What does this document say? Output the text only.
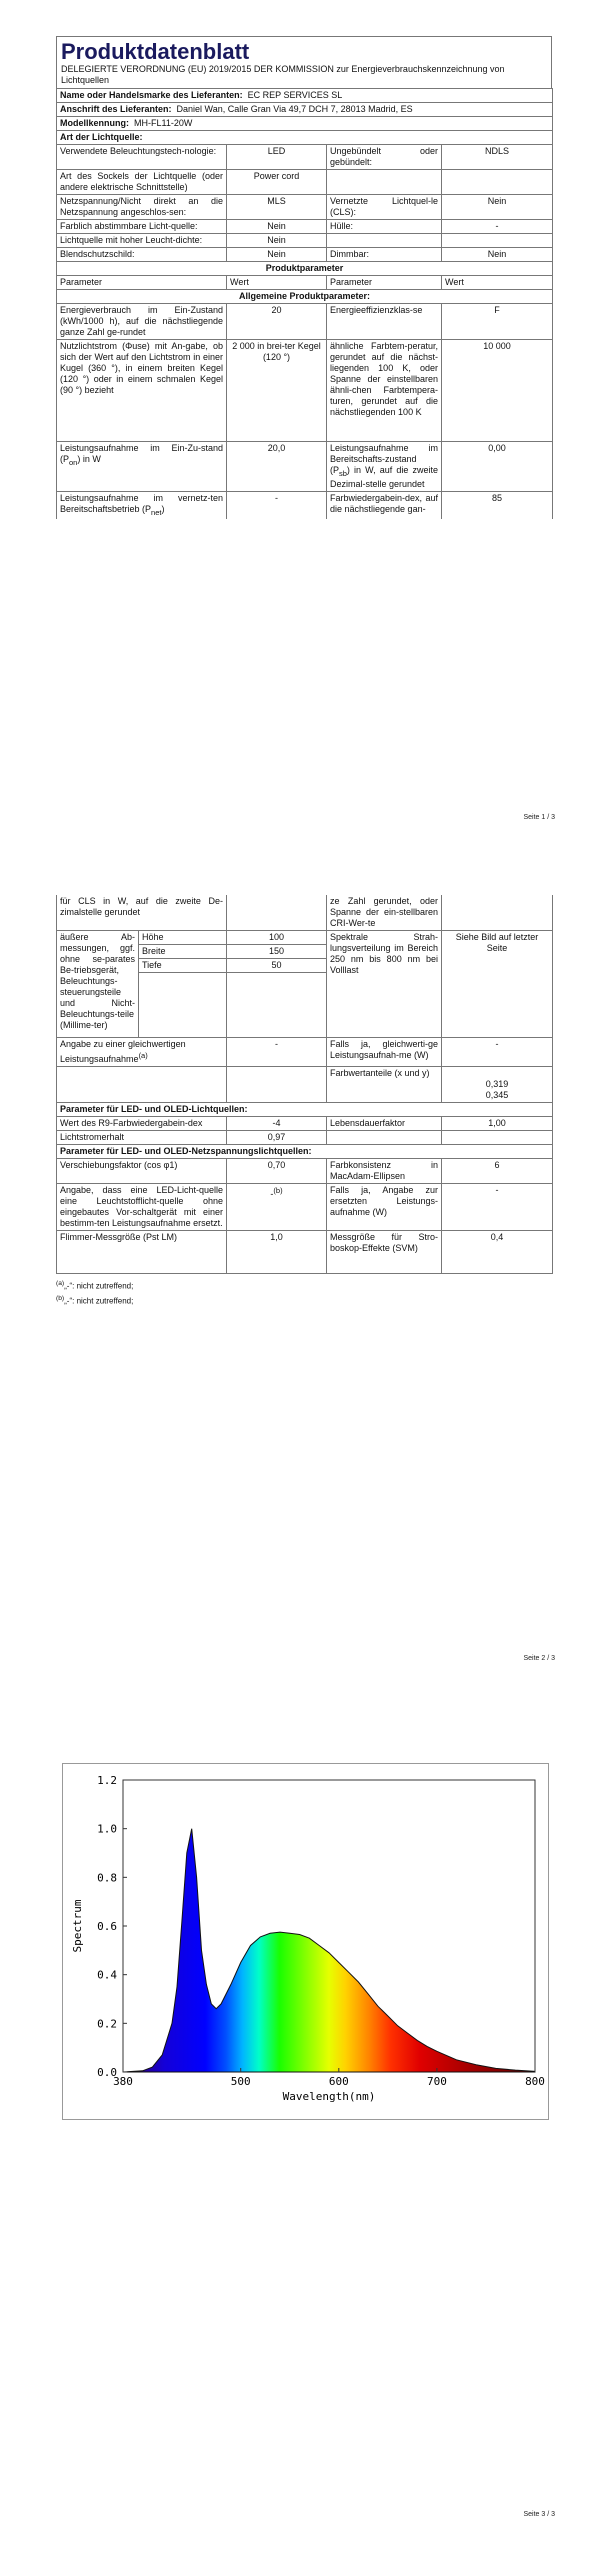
Produktdatenblatt
DELEGIERTE VERORDNUNG (EU) 2019/2015 DER KOMMISSION zur Energieverbrauchskennzeichnung von Lichtquellen
Name oder Handelsmarke des Lieferanten: EC REP SERVICES SL			
Anschrift des Lieferanten: Daniel Wan, Calle Gran Via 49,7 DCH 7, 28013 Madrid, ES			
Modellkennung: MH-FL11-20W			
Art der Lichtquelle:			
Verwendete Beleuchtungstech-nologie:	LED	Ungebündelt oder gebündelt:	NDLS
Art des Sockels der Lichtquelle (oder andere elektrische Schnittstelle)	Power cord		
Netzspannung/Nicht direkt an die Netzspannung angeschlos-sen:	MLS	Vernetzte Lichtquel-le (CLS):	Nein
Farblich abstimmbare Licht-quelle:	Nein	Hülle:	-
Lichtquelle mit hoher Leucht-dichte:	Nein		
Blendschutzschild:	Nein	Dimmbar:	Nein
Produktparameter			
Parameter	Wert	Parameter	Wert
Allgemeine Produktparameter:			
Energieverbrauch im Ein-Zustand (kWh/1000 h), auf die nächstliegende ganze Zahl ge-rundet	20	Energieeffizienzklas-se	F
Nutzlichtstrom (Φuse) mit An-gabe, ob sich der Wert auf den Lichtstrom in einer Kugel (360 °), in einem breiten Kegel (120 °) oder in einem schmalen Kegel (90 °) bezieht	2 000 in brei-ter Kegel (120 °)	ähnliche Farbtem-peratur, gerundet auf die nächst-liegenden 100 K, oder Spanne der einstellbaren ähnli-chen Farbtempera-turen, gerundet auf die nächstliegenden 100 K	10 000
Leistungsaufnahme im Ein-Zu-stand $(P_{on})$ in W	20,0	Leistungsaufnahme im Bereitschafts-zustand $(P_{sb})$ in W, auf die zweite Dezimal-stelle gerundet	0,00
Leistungsaufnahme im vernetz-ten Bereitschaftsbetrieb $(P_{net})$	-	Farbwiedergabein-dex, auf die nächstliegende gan-	85
Seite 1 / 3
für CLS in W, auf die zweite De-zimalstelle gerundet			ze Zahl gerundet, oder Spanne der ein-stellbaren CRI-Wer-te	
äußere Ab-messungen, ggf. ohne se-parates Be-triebsgerät, Beleuchtungs-steuerungsteile und Nicht-Beleuchtungs-teile (Millime-ter)	Höhe	100	Spektrale Strah-lungsverteilung im Bereich 250 nm bis 800 nm bei Volllast	Siehe Bild auf letzter Seite
	Breite	150		
	Tiefe	50		

Angabe zu einer gleichwertigen Leistungsaufnahme$^{(a)}$		-	Falls ja, gleichwerti-ge Leistungsaufnah-me (W)	-
			Farbwertanteile (x und y)	0,319
0,345

Parameter für LED- und OLED-Lichtquellen:				
Wert des R9-Farbwiedergabein-dex		-4	Lebensdauerfaktor	1,00
Lichtstromerhalt		0,97		
Parameter für LED- und OLED-Netzspannungslichtquellen:				
Verschiebungsfaktor (cos φ1)		0,70	Farbkonsistenz in MacAdam-Ellipsen	6
Angabe, dass eine LED-Licht-quelle eine Leuchtstofflicht-quelle ohne eingebautes Vor-schaltgerät mit einer bestimm-ten Leistungsaufnahme ersetzt.		-$^{(b)}$	Falls ja, Angabe zur ersetzten Leistungs-aufnahme (W)	-
Flimmer-Messgröße (Pst LM)		1,0	Messgröße für Stro-boskop-Effekte (SVM)	0,4
$^{(a)}$„-“: nicht zutreffend;
$^{(b)}$„-“: nicht zutreffend;
Seite 2 / 3
380	500	600	700	800
0.0
0.2
0.4
0.6
0.8
1.0
1.2
Wavelength(nm)
Spectrum
Seite 3 / 3
